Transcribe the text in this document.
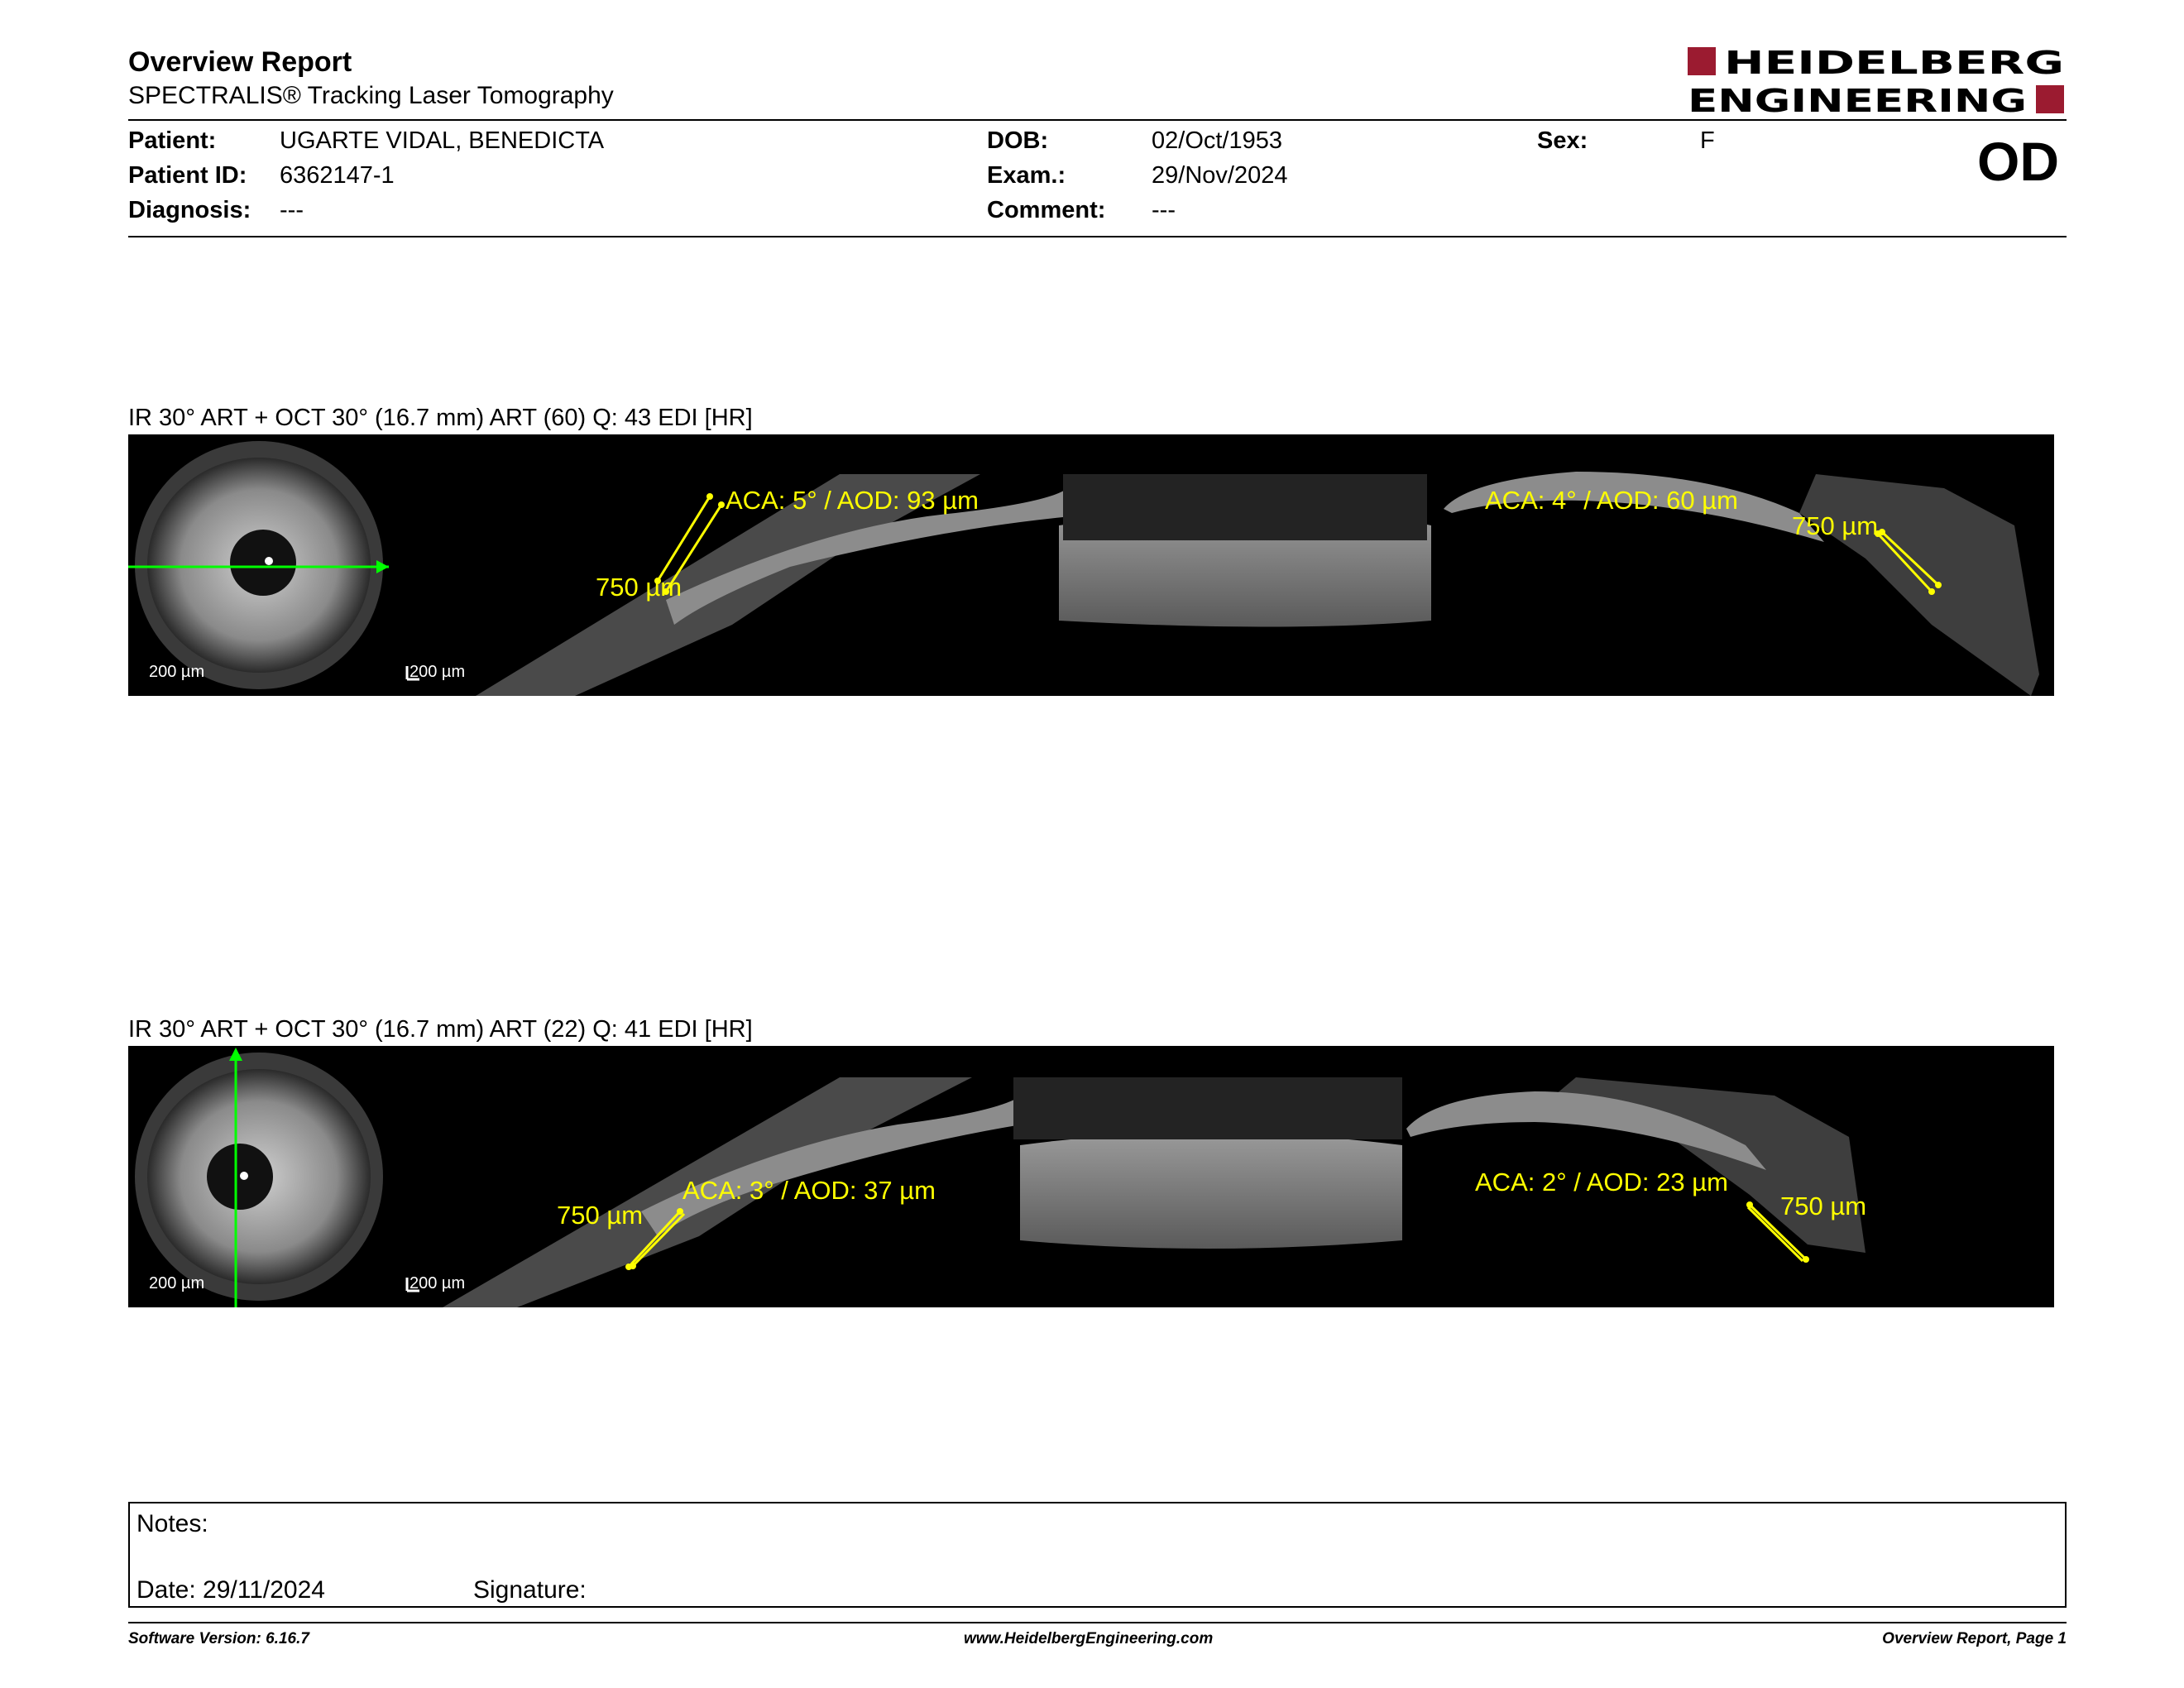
Overview Report
SPECTRALIS® Tracking Laser Tomography
HEIDELBERG
ENGINEERING
Patient:	UGARTE VIDAL, BENEDICTA
Patient ID: 6362147-1
Diagnosis: ---
DOB:	02/Oct/1953
Exam.:	29/Nov/2024
Comment: ---
Sex:	F	OD
IR 30° ART + OCT 30° (16.7 mm) ART (60) Q: 43 EDI [HR]
200 µm	200 µm
ACA: 5° / AOD: 93 µm
750 µm
ACA: 4° / AOD: 60 µm
750 µm
IR 30° ART + OCT 30° (16.7 mm) ART (22) Q: 41 EDI [HR]
200 µm	200 µm
ACA: 3° / AOD: 37 µm
750 µm
ACA: 2° / AOD: 23 µm
750 µm
Notes:
Date: 29/11/2024	Signature:
Software Version: 6.16.7	www.HeidelbergEngineering.com	Overview Report, Page 1
